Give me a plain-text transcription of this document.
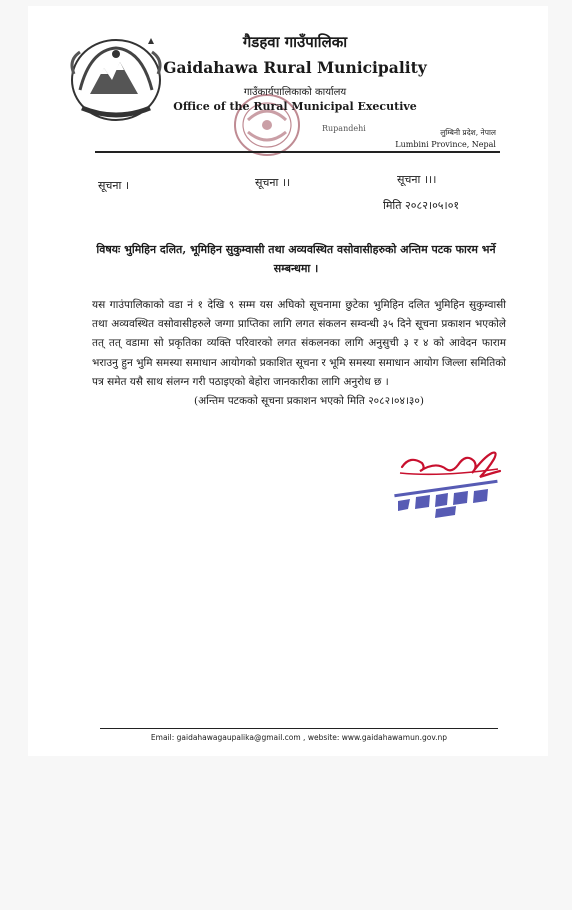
गैडहवा गाउँपालिका
Gaidahawa Rural Municipality
गाउँकार्यपालिकाको कार्यालय
Office of the Rural Municipal Executive
Rupandehi	लुम्बिनी प्रदेश, नेपाल
Lumbini Province, Nepal
सूचना ।	सूचना ।।	सूचना ।।।
मिति २०८२।०५।०१
विषयः भुमिहिन दलित, भूमिहिन सुकुम्वासी तथा अव्यवस्थित वसोवासीहरुको अन्तिम पटक फारम भर्ने सम्बन्धमा ।

यस गाउंपालिकाको वडा नं १ देखि ९ सम्म यस अघिको सूचनामा छुटेका भुमिहिन दलित भुमिहिन सुकुम्वासी तथा अव्यवस्थित वसोवासीहरुले जग्गा प्राप्तिका लागि लगत संकलन सम्वन्धी ३५ दिने सूचना प्रकाशन भएकोले तत् तत् वडामा सो प्रकृतिका व्यक्ति परिवारको लगत संकलनका लागि अनुसुची ३ र ४ को आवेदन फाराम भराउनु हुन भुमि समस्या समाधान आयोगको प्रकाशित सूचना र भूमि समस्या समाधान आयोग जिल्ला समितिको पत्र समेत यसै साथ संलग्न गरी पठाइएको बेहोरा जानकारीका लागि अनुरोध छ ।

(अन्तिम पटकको सूचना प्रकाशन भएको मिति २०८२।०४।३०)

Email: gaidahawagaupalika@gmail.com , website: www.gaidahawamun.gov.np
